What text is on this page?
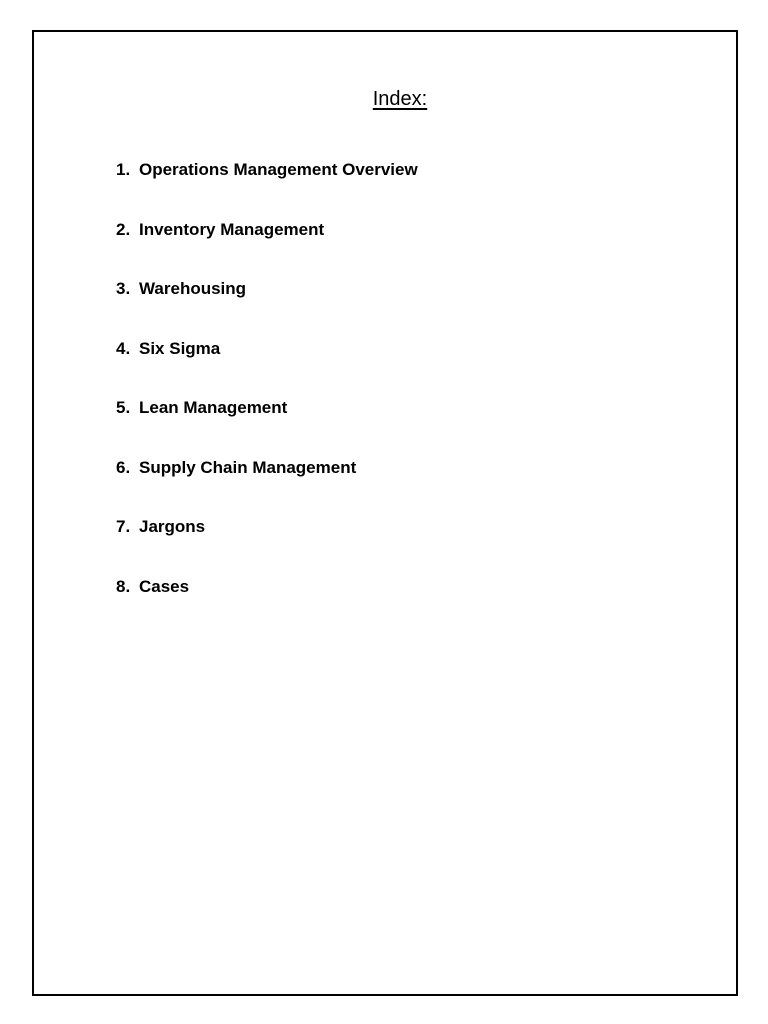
Index:
1. Operations Management Overview
2. Inventory Management
3. Warehousing
4. Six Sigma
5. Lean Management
6. Supply Chain Management
7. Jargons
8. Cases
